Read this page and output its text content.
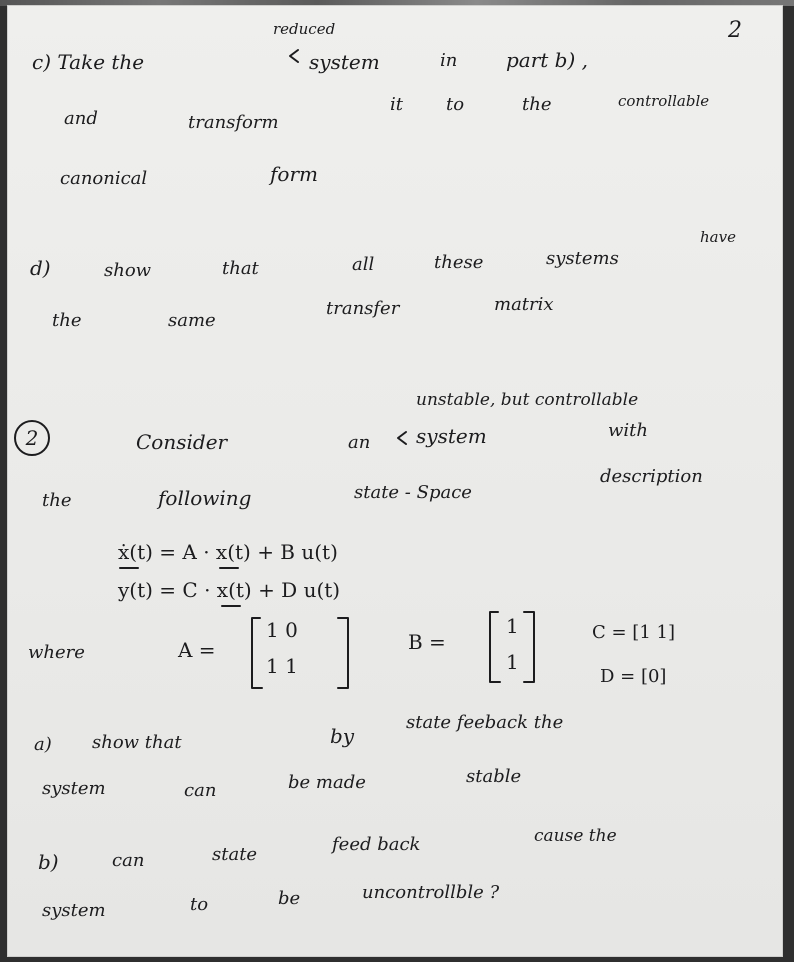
2
reduced
c) Take the	system	in part b) ,
and	transform
it to	the	controllable
canonical	form
d)	show	that	all	these	systems
have
the	same
transfer	matrix
unstable, but controllable
2	Consider	an system	with
the	following	state - Space
description
ẋ(t) = A · x(t) + B u(t)
y(t) = C · x(t) + D u(t)
where	A =
1 0
1 1
B =
1
1
C = [1 1]
D = [0]
a) show that	by
state feeback the
system	can	be made	stable
b)	can	state	feed back	cause the
system	to	be	uncontrollble ?
